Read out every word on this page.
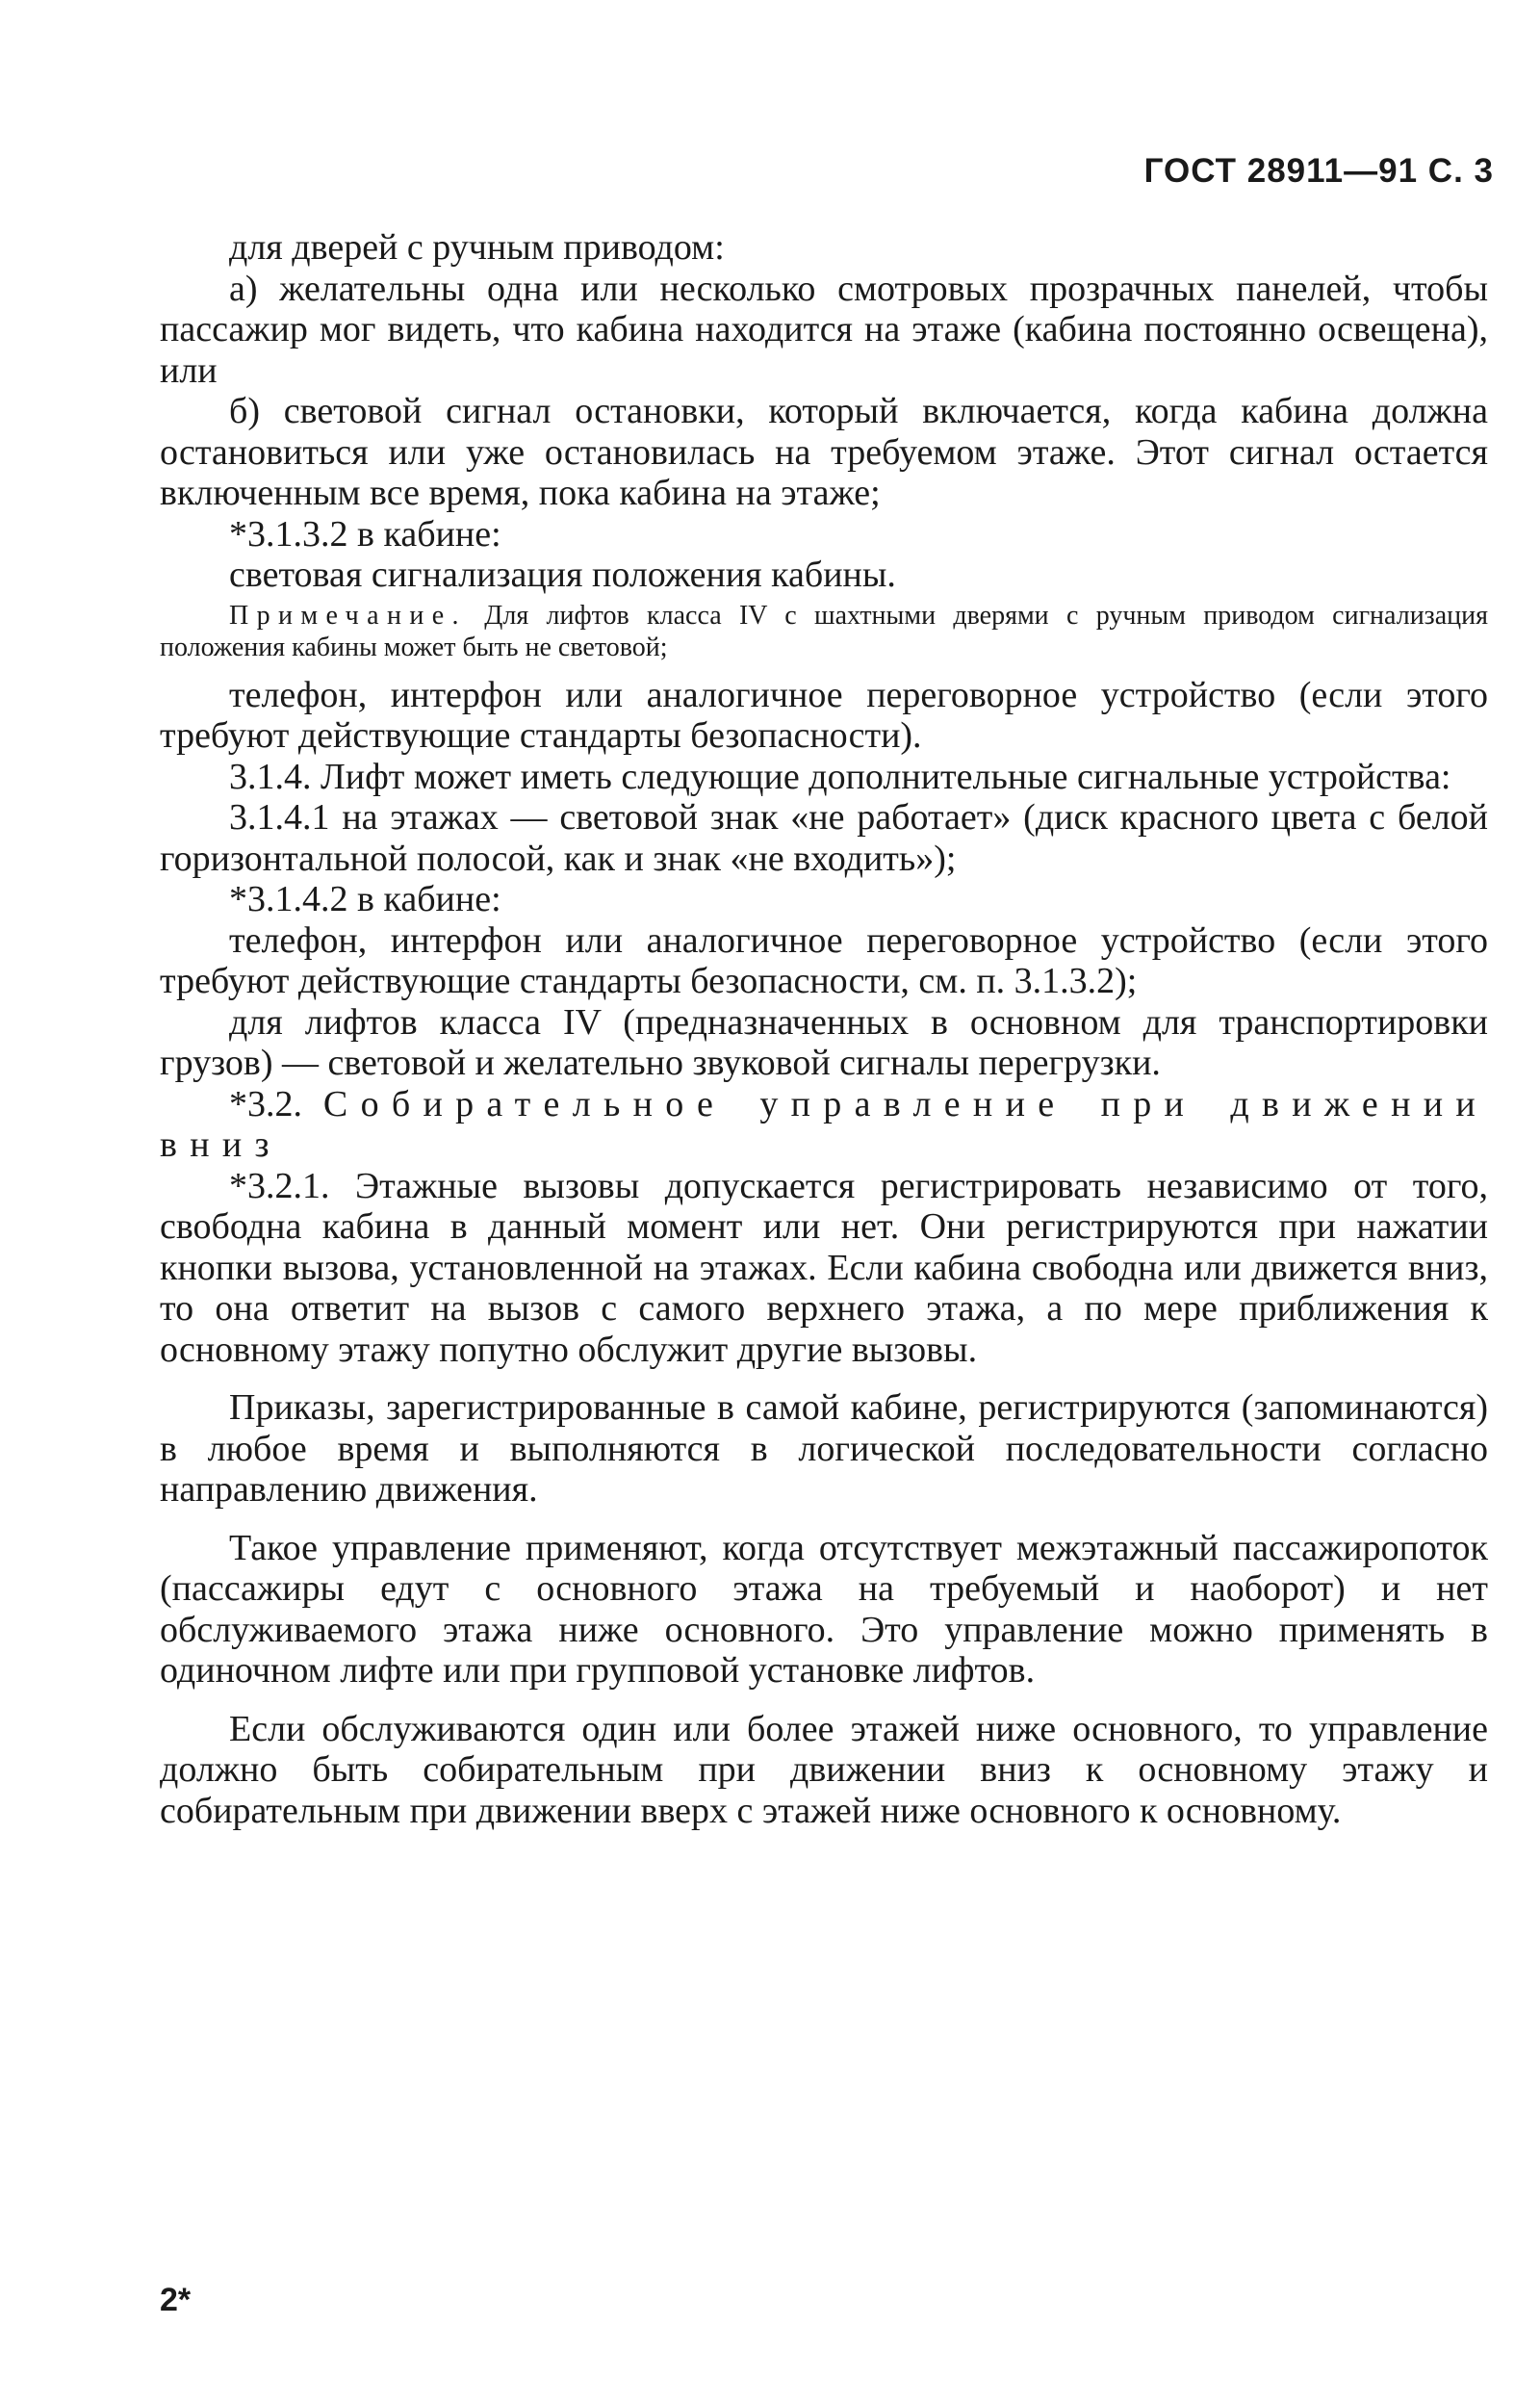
ГОСТ 28911—91 С. 3

для дверей с ручным приводом:

а) желательны одна или несколько смотровых прозрачных панелей, чтобы пассажир мог видеть, что кабина находится на этаже (кабина постоянно освещена), или

б) световой сигнал остановки, который включается, когда кабина должна остановиться или уже остановилась на требуемом этаже. Этот сигнал остается включенным все время, пока кабина на этаже;

*3.1.3.2 в кабине:

световая сигнализация положения кабины.

Примечание. Для лифтов класса IV с шахтными дверями с ручным приводом сигнализация положения кабины может быть не световой;

телефон, интерфон или аналогичное переговорное устройство (если этого требуют действующие стандарты безопасности).

3.1.4. Лифт может иметь следующие дополнительные сигнальные устройства:

3.1.4.1 на этажах — световой знак «не работает» (диск красного цвета с белой горизонтальной полосой, как и знак «не входить»);

*3.1.4.2 в кабине:

телефон, интерфон или аналогичное переговорное устройство (если этого требуют действующие стандарты безопасности, см. п. 3.1.3.2);

для лифтов класса IV (предназначенных в основном для транспортировки грузов) — световой и желательно звуковой сигналы перегрузки.

*3.2. Собирательное управление при движении вниз

*3.2.1. Этажные вызовы допускается регистрировать независимо от того, свободна кабина в данный момент или нет. Они регистрируются при нажатии кнопки вызова, установленной на этажах. Если кабина свободна или движется вниз, то она ответит на вызов с самого верхнего этажа, а по мере приближения к основному этажу попутно обслужит другие вызовы.

Приказы, зарегистрированные в самой кабине, регистрируются (запоминаются) в любое время и выполняются в логической последовательности согласно направлению движения.

Такое управление применяют, когда отсутствует межэтажный пассажиропоток (пассажиры едут с основного этажа на требуемый и наоборот) и нет обслуживаемого этажа ниже основного. Это управление можно применять в одиночном лифте или при групповой установке лифтов.

Если обслуживаются один или более этажей ниже основного, то управление должно быть собирательным при движении вниз к основному этажу и собирательным при движении вверх с этажей ниже основного к основному.

2*
